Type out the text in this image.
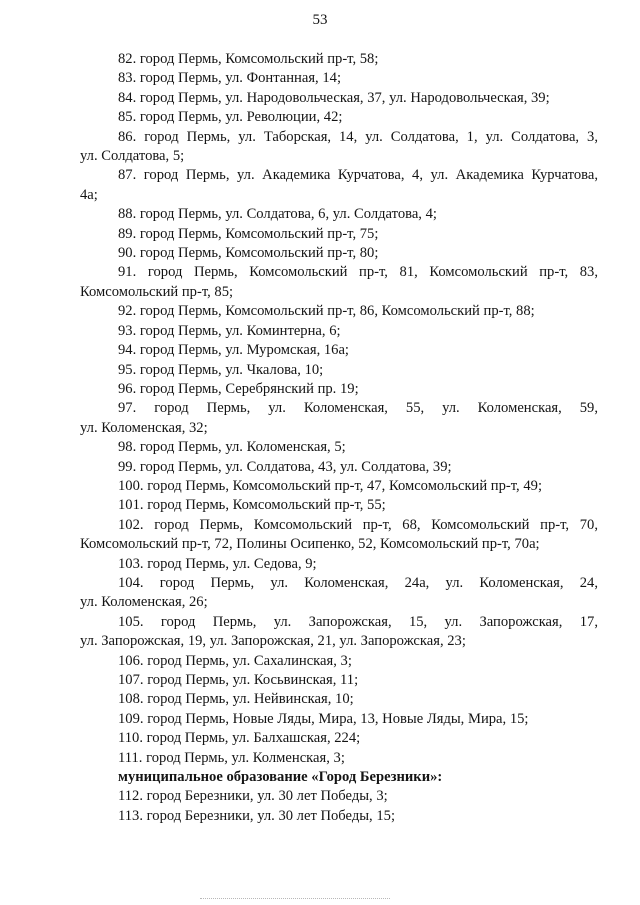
53

82. город Пермь, Комсомольский пр-т, 58;

83. город Пермь, ул. Фонтанная, 14;

84. город Пермь, ул. Народовольческая, 37, ул. Народовольческая, 39;

85. город Пермь, ул. Революции, 42;

86. город Пермь, ул. Таборская, 14, ул. Солдатова, 1, ул. Солдатова, 3,
ул. Солдатова, 5;

87. город Пермь, ул. Академика Курчатова, 4, ул. Академика Курчатова,
4а;

88. город Пермь, ул. Солдатова, 6, ул. Солдатова, 4;

89. город Пермь, Комсомольский пр-т, 75;

90. город Пермь, Комсомольский пр-т, 80;

91. город Пермь, Комсомольский пр-т, 81, Комсомольский пр-т, 83,
Комсомольский пр-т, 85;

92. город Пермь, Комсомольский пр-т, 86, Комсомольский пр-т, 88;

93. город Пермь, ул. Коминтерна, 6;

94. город Пермь, ул. Муромская, 16а;

95. город Пермь, ул. Чкалова, 10;

96. город Пермь, Серебрянский пр. 19;

97. город Пермь, ул. Коломенская, 55, ул. Коломенская, 59,
ул. Коломенская, 32;

98. город Пермь, ул. Коломенская, 5;

99. город Пермь, ул. Солдатова, 43, ул. Солдатова, 39;

100. город Пермь, Комсомольский пр-т, 47, Комсомольский пр-т, 49;

101. город Пермь, Комсомольский пр-т, 55;

102. город Пермь, Комсомольский пр-т, 68, Комсомольский пр-т, 70,
Комсомольский пр-т, 72, Полины Осипенко, 52, Комсомольский пр-т, 70а;

103. город Пермь, ул. Седова, 9;

104. город Пермь, ул. Коломенская, 24а, ул. Коломенская, 24,
ул. Коломенская, 26;

105. город Пермь, ул. Запорожская, 15, ул. Запорожская, 17,
ул. Запорожская, 19, ул. Запорожская, 21, ул. Запорожская, 23;

106. город Пермь, ул. Сахалинская, 3;

107. город Пермь, ул. Косьвинская, 11;

108. город Пермь, ул. Нейвинская, 10;

109. город Пермь, Новые Ляды, Мира, 13, Новые Ляды, Мира, 15;

110. город Пермь, ул. Балхашская, 224;

111. город Пермь, ул. Колменская, 3;

муниципальное образование «Город Березники»:

112. город Березники, ул. 30 лет Победы, 3;

113. город Березники, ул. 30 лет Победы, 15;
